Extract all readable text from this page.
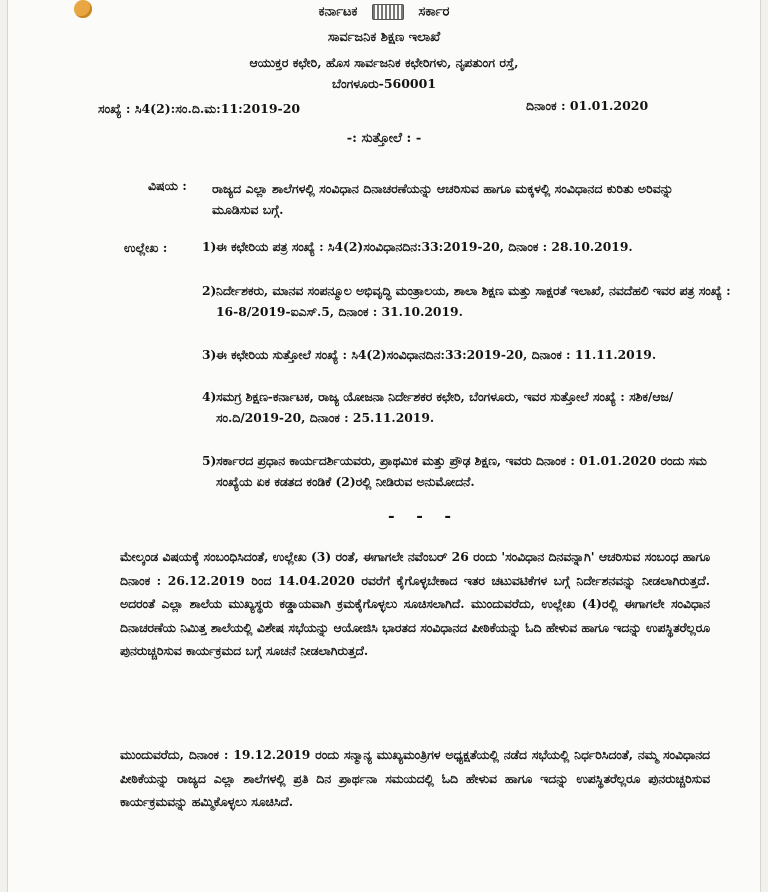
ಕರ್ನಾಟಕ	ಸರ್ಕಾರ
ಸಾರ್ವಜನಿಕ ಶಿಕ್ಷಣ ಇಲಾಖೆ
ಆಯುಕ್ತರ ಕಛೇರಿ, ಹೊಸ ಸಾರ್ವಜನಿಕ ಕಛೇರಿಗಳು, ನೃಪತುಂಗ ರಸ್ತೆ,
ಬೆಂಗಳೂರು-560001
ಸಂಖ್ಯೆ : ಸಿ4(2):ಸಂ.ದಿ.ಮ:11:2019-20	ದಿನಾಂಕ : 01.01.2020
-: ಸುತ್ತೋಲೆ : -
ವಿಷಯ : ರಾಜ್ಯದ ಎಲ್ಲಾ ಶಾಲೆಗಳಲ್ಲಿ ಸಂವಿಧಾನ ದಿನಾಚರಣೆಯನ್ನು ಆಚರಿಸುವ ಹಾಗೂ ಮಕ್ಕಳಲ್ಲಿ ಸಂವಿಧಾನದ ಕುರಿತು ಅರಿವನ್ನು ಮೂಡಿಸುವ ಬಗ್ಗೆ.
ಉಲ್ಲೇಖ :	1) ಈ ಕಛೇರಿಯ ಪತ್ರ ಸಂಖ್ಯೆ : ಸಿ4(2)ಸಂವಿಧಾನದಿನ:33:2019-20, ದಿನಾಂಕ : 28.10.2019.
2) ನಿರ್ದೇಶಕರು, ಮಾನವ ಸಂಪನ್ಮೂಲ ಅಭಿವೃದ್ಧಿ ಮಂತ್ರಾಲಯ, ಶಾಲಾ ಶಿಕ್ಷಣ ಮತ್ತು ಸಾಕ್ಷರತೆ ಇಲಾಖೆ, ನವದೆಹಲಿ ಇವರ ಪತ್ರ ಸಂಖ್ಯೆ : 16-8/2019-ಐಎಸ್.5, ದಿನಾಂಕ : 31.10.2019.
3) ಈ ಕಛೇರಿಯ ಸುತ್ತೋಲೆ ಸಂಖ್ಯೆ : ಸಿ4(2)ಸಂವಿಧಾನದಿನ:33:2019-20, ದಿನಾಂಕ : 11.11.2019.
4) ಸಮಗ್ರ ಶಿಕ್ಷಣ-ಕರ್ನಾಟಕ, ರಾಜ್ಯ ಯೋಜನಾ ನಿರ್ದೇಶಕರ ಕಛೇರಿ, ಬೆಂಗಳೂರು, ಇವರ ಸುತ್ತೋಲೆ ಸಂಖ್ಯೆ : ಸಶಿಕ/ಆಜ/ಸಂ.ದಿ/2019-20, ದಿನಾಂಕ : 25.11.2019.
5) ಸರ್ಕಾರದ ಪ್ರಧಾನ ಕಾರ್ಯದರ್ಶಿಯವರು, ಪ್ರಾಥಮಿಕ ಮತ್ತು ಪ್ರೌಢ ಶಿಕ್ಷಣ, ಇವರು ದಿನಾಂಕ : 01.01.2020 ರಂದು ಸಮ ಸಂಖ್ಯೆಯ ಏಕ ಕಡತದ ಕಂಡಿಕೆ (2)ರಲ್ಲಿ ನೀಡಿರುವ ಅನುಮೋದನೆ.
- - -
ಮೇಲ್ಕಂಡ ವಿಷಯಕ್ಕೆ ಸಂಬಂಧಿಸಿದಂತೆ, ಉಲ್ಲೇಖ (3) ರಂತೆ, ಈಗಾಗಲೇ ನವೆಂಬರ್ 26 ರಂದು 'ಸಂವಿಧಾನ ದಿನವನ್ನಾಗಿ' ಆಚರಿಸುವ ಸಂಬಂಧ ಹಾಗೂ ದಿನಾಂಕ : 26.12.2019 ರಿಂದ 14.04.2020 ರವರೆಗೆ ಕೈಗೊಳ್ಳಬೇಕಾದ ಇತರ ಚಟುವಟಿಕೆಗಳ ಬಗ್ಗೆ ನಿರ್ದೇಶನವನ್ನು ನೀಡಲಾಗಿರುತ್ತದೆ. ಅದರಂತೆ ಎಲ್ಲಾ ಶಾಲೆಯ ಮುಖ್ಯಸ್ಥರು ಕಡ್ಡಾಯವಾಗಿ ಕ್ರಮಕೈಗೊಳ್ಳಲು ಸೂಚಿಸಲಾಗಿದೆ. ಮುಂದುವರೆದು, ಉಲ್ಲೇಖ (4)ರಲ್ಲಿ ಈಗಾಗಲೇ ಸಂವಿಧಾನ ದಿನಾಚರಣೆಯ ನಿಮಿತ್ತ ಶಾಲೆಯಲ್ಲಿ ವಿಶೇಷ ಸಭೆಯನ್ನು ಆಯೋಜಿಸಿ ಭಾರತದ ಸಂವಿಧಾನದ ಪೀಠಿಕೆಯನ್ನು ಓದಿ ಹೇಳುವ ಹಾಗೂ ಇದನ್ನು ಉಪಸ್ಥಿತರೆಲ್ಲರೂ ಪುನರುಚ್ಚರಿಸುವ ಕಾರ್ಯಕ್ರಮದ ಬಗ್ಗೆ ಸೂಚನೆ ನೀಡಲಾಗಿರುತ್ತದೆ.
ಮುಂದುವರೆದು, ದಿನಾಂಕ : 19.12.2019 ರಂದು ಸನ್ಮಾನ್ಯ ಮುಖ್ಯಮಂತ್ರಿಗಳ ಅಧ್ಯಕ್ಷತೆಯಲ್ಲಿ ನಡೆದ ಸಭೆಯಲ್ಲಿ ನಿರ್ಧರಿಸಿದಂತೆ, ನಮ್ಮ ಸಂವಿಧಾನದ ಪೀಠಿಕೆಯನ್ನು ರಾಜ್ಯದ ಎಲ್ಲಾ ಶಾಲೆಗಳಲ್ಲಿ ಪ್ರತಿ ದಿನ ಪ್ರಾರ್ಥನಾ ಸಮಯದಲ್ಲಿ ಓದಿ ಹೇಳುವ ಹಾಗೂ ಇದನ್ನು ಉಪಸ್ಥಿತರೆಲ್ಲರೂ ಪುನರುಚ್ಚರಿಸುವ ಕಾರ್ಯಕ್ರಮವನ್ನು ಹಮ್ಮಿಕೊಳ್ಳಲು ಸೂಚಿಸಿದೆ.
